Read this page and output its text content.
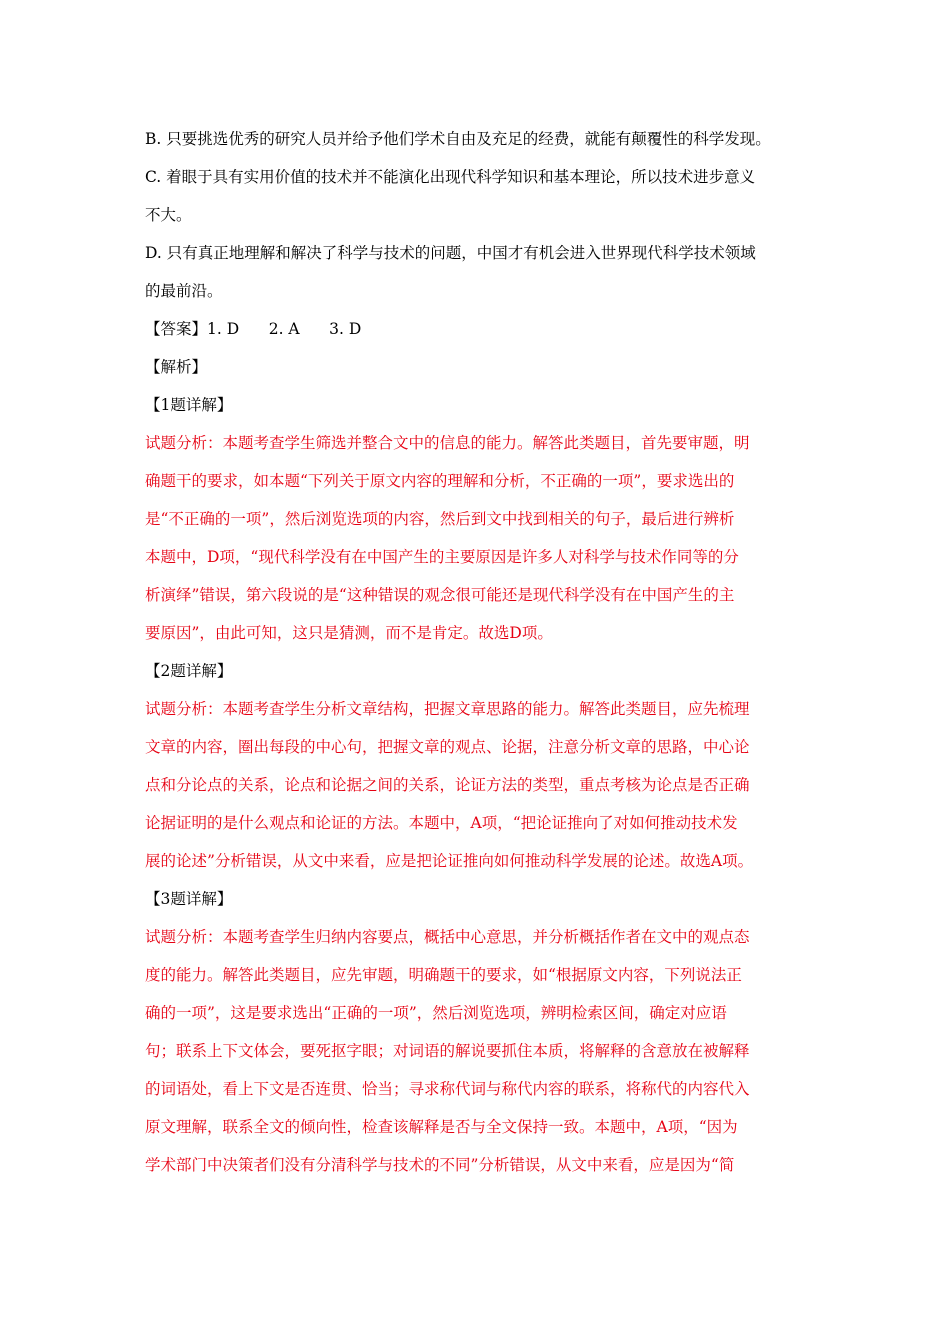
B. 只要挑选优秀的研究人员并给予他们学术自由及充足的经费，就能有颠覆性的科学发现。
C. 着眼于具有实用价值的技术并不能演化出现代科学知识和基本理论，所以技术进步意义
不大。
D. 只有真正地理解和解决了科学与技术的问题，中国才有机会进入世界现代科学技术领域
的最前沿。
【答案】1. D      2. A      3. D
【解析】
【1题详解】
试题分析：本题考查学生筛选并整合文中的信息的能力。解答此类题目，首先要审题，明
确题干的要求，如本题“下列关于原文内容的理解和分析，不正确的一项”，要求选出的
是“不正确的一项”，然后浏览选项的内容，然后到文中找到相关的句子，最后进行辨析
本题中，D项，“现代科学没有在中国产生的主要原因是许多人对科学与技术作同等的分
析演绎”错误，第六段说的是“这种错误的观念很可能还是现代科学没有在中国产生的主
要原因”，由此可知，这只是猜测，而不是肯定。故选D项。
【2题详解】
试题分析：本题考查学生分析文章结构，把握文章思路的能力。解答此类题目，应先梳理
文章的内容，圈出每段的中心句，把握文章的观点、论据，注意分析文章的思路，中心论
点和分论点的关系，论点和论据之间的关系，论证方法的类型，重点考核为论点是否正确
论据证明的是什么观点和论证的方法。本题中，A项，“把论证推向了对如何推动技术发
展的论述”分析错误，从文中来看，应是把论证推向如何推动科学发展的论述。故选A项。
【3题详解】
试题分析：本题考查学生归纳内容要点，概括中心意思，并分析概括作者在文中的观点态
度的能力。解答此类题目，应先审题，明确题干的要求，如“根据原文内容，下列说法正
确的一项”，这是要求选出“正确的一项”，然后浏览选项，辨明检索区间，确定对应语
句；联系上下文体会，要死抠字眼；对词语的解说要抓住本质，将解释的含意放在被解释
的词语处，看上下文是否连贯、恰当；寻求称代词与称代内容的联系，将称代的内容代入
原文理解，联系全文的倾向性，检查该解释是否与全文保持一致。本题中，A项，“因为
学术部门中决策者们没有分清科学与技术的不同”分析错误，从文中来看，应是因为“简
